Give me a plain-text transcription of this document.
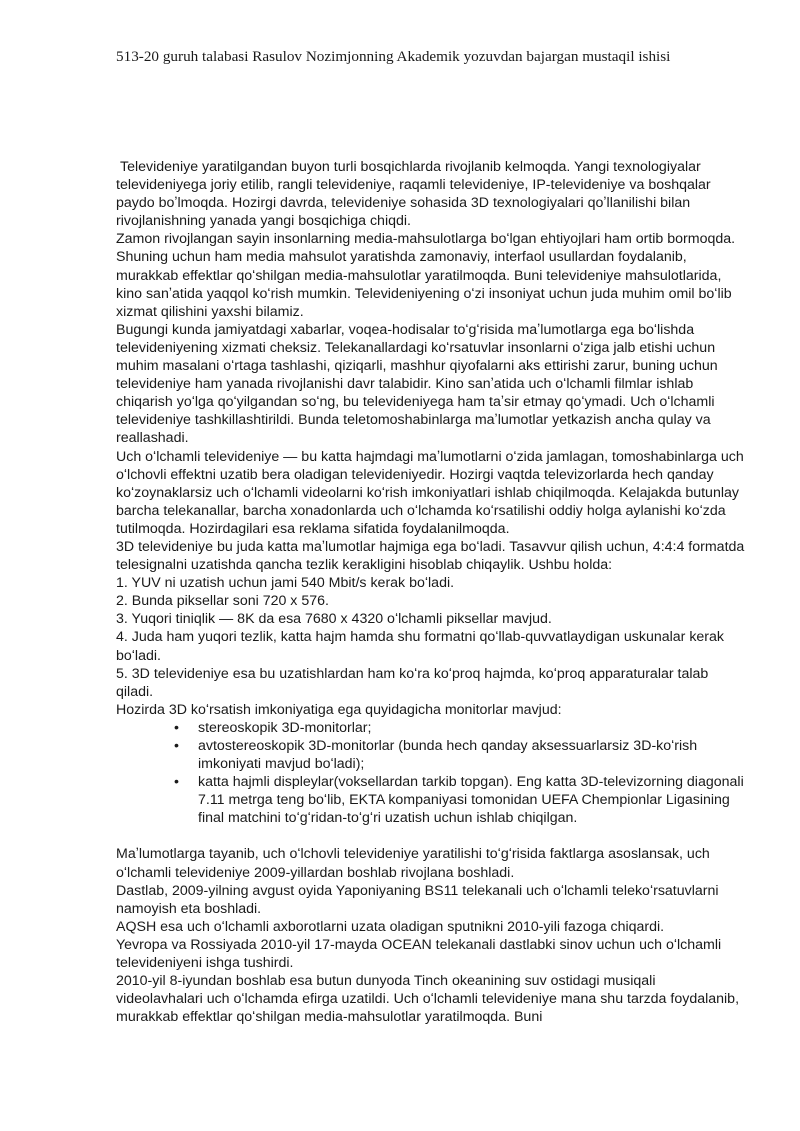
513-20 guruh talabasi Rasulov Nozimjonning Akademik yozuvdan bajargan mustaqil ishisi

Televideniye yaratilgandan buyon turli bosqichlarda rivojlanib kelmoqda. Yangi texnologiyalar televideniyega joriy etilib, rangli televideniye, raqamli televideniye, IP-televideniye va boshqalar paydo boʼlmoqda. Hozirgi davrda, televideniye sohasida 3D texnologiyalari qoʼllanilishi bilan rivojlanishning yanada yangi bosqichiga chiqdi.

Zamon rivojlangan sayin insonlarning media-mahsulotlarga boʻlgan ehtiyojlari ham ortib bormoqda. Shuning uchun ham media mahsulot yaratishda zamonaviy, interfaol usullardan foydalanib, murakkab effektlar qoʻshilgan media-mahsulotlar yaratilmoqda. Buni televideniye mahsulotlarida, kino sanʼatida yaqqol koʻrish mumkin. Televideniyening oʻzi insoniyat uchun juda muhim omil boʻlib xizmat qilishini yaxshi bilamiz.

Bugungi kunda jamiyatdagi xabarlar, voqea-hodisalar toʻgʻrisida maʼlumotlarga ega boʻlishda televideniyening xizmati cheksiz. Telekanallardagi koʻrsatuvlar insonlarni oʻziga jalb etishi uchun muhim masalani oʻrtaga tashlashi, qiziqarli, mashhur qiyofalarni aks ettirishi zarur, buning uchun televideniye ham yanada rivojlanishi davr talabidir. Kino sanʼatida uch oʻlchamli filmlar ishlab chiqarish yoʻlga qoʻyilgandan soʻng, bu televideniyega ham taʼsir etmay qoʻymadi. Uch oʻlchamli televideniye tashkillashtirildi. Bunda teletomoshabinlarga maʼlumotlar yetkazish ancha qulay va reallashadi.

Uch oʻlchamli televideniye — bu katta hajmdagi maʼlumotlarni oʻzida jamlagan, tomoshabinlarga uch oʻlchovli effektni uzatib bera oladigan televideniyedir. Hozirgi vaqtda televizorlarda hech qanday koʻzoynaklarsiz uch oʻlchamli videolarni koʻrish imkoniyatlari ishlab chiqilmoqda. Kelajakda butunlay barcha telekanallar, barcha xonadonlarda uch oʻlchamda koʻrsatilishi oddiy holga aylanishi koʻzda tutilmoqda. Hozirdagilari esa reklama sifatida foydalanilmoqda.

3D televideniye bu juda katta maʼlumotlar hajmiga ega boʻladi. Tasavvur qilish uchun, 4:4:4 formatda telesignalni uzatishda qancha tezlik kerakligini hisoblab chiqaylik. Ushbu holda:

1. YUV ni uzatish uchun jami 540 Mbit/s kerak boʻladi.

2. Bunda piksellar soni 720 x 576.

3. Yuqori tiniqlik — 8K da esa 7680 x 4320 oʻlchamli piksellar mavjud.

4. Juda ham yuqori tezlik, katta hajm hamda shu formatni qoʻllab-quvvatlaydigan uskunalar kerak boʻladi.

5. 3D televideniye esa bu uzatishlardan ham koʻra koʻproq hajmda, koʻproq apparaturalar talab qiladi.

Hozirda 3D koʻrsatish imkoniyatiga ega quyidagicha monitorlar mavjud:

• stereoskopik 3D-monitorlar;
• avtostereoskopik 3D-monitorlar (bunda hech qanday aksessuarlarsiz 3D-koʻrish imkoniyati mavjud boʻladi);
• katta hajmli displeylar(voksellardan tarkib topgan). Eng katta 3D-televizorning diagonali 7.11 metrga teng boʻlib, EKTA kompaniyasi tomonidan UEFA Chempionlar Ligasining final matchini toʻgʻridan-toʻgʻri uzatish uchun ishlab chiqilgan.

Maʼlumotlarga tayanib, uch oʻlchovli televideniye yaratilishi toʻgʻrisida faktlarga asoslansak, uch oʻlchamli televideniye 2009-yillardan boshlab rivojlana boshladi.

Dastlab, 2009-yilning avgust oyida Yaponiyaning BS11 telekanali uch oʻlchamli telekoʻrsatuvlarni namoyish eta boshladi.

AQSH esa uch oʻlchamli axborotlarni uzata oladigan sputnikni 2010-yili fazoga chiqardi.

Yevropa va Rossiyada 2010-yil 17-mayda OCEAN telekanali dastlabki sinov uchun uch oʻlchamli televideniyeni ishga tushirdi.

2010-yil 8-iyundan boshlab esa butun dunyoda Tinch okeanining suv ostidagi musiqali videolavhalari uch oʻlchamda efirga uzatildi. Uch oʻlchamli televideniye mana shu tarzda foydalanib, murakkab effektlar qoʻshilgan media-mahsulotlar yaratilmoqda. Buni
